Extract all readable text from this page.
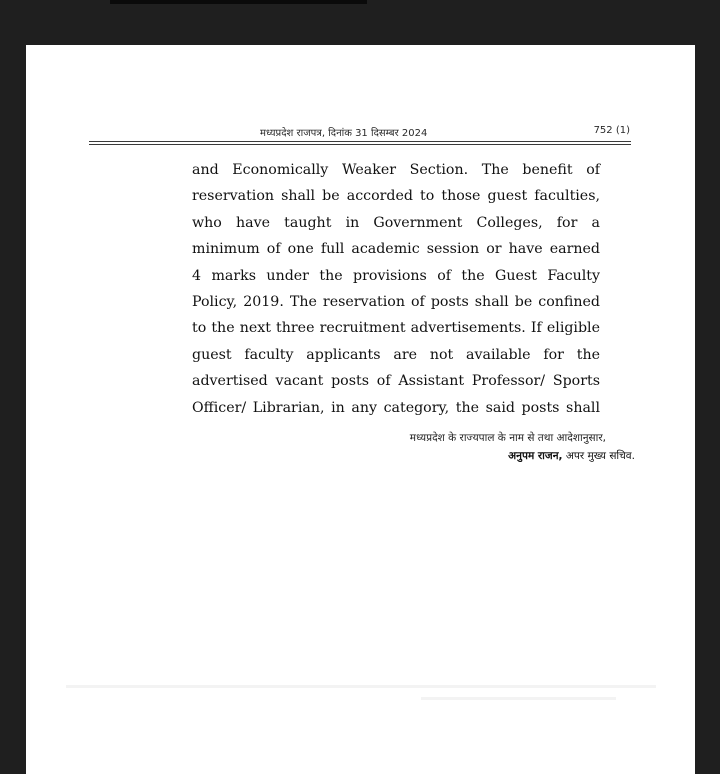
मध्यप्रदेश राजपत्र, दिनांक 31 दिसम्बर 2024	752 (1)
and Economically Weaker Section. The benefit of
reservation shall be accorded to those guest faculties,
who have taught in Government Colleges, for a
minimum of one full academic session or have earned
4 marks under the provisions of the Guest Faculty
Policy, 2019. The reservation of posts shall be confined
to the next three recruitment advertisements. If eligible
guest faculty applicants are not available for the
advertised vacant posts of Assistant Professor/ Sports
Officer/ Librarian, in any category, the said posts shall
मध्यप्रदेश के राज्यपाल के नाम से तथा आदेशानुसार,
अनुपम राजन, अपर मुख्य सचिव.
